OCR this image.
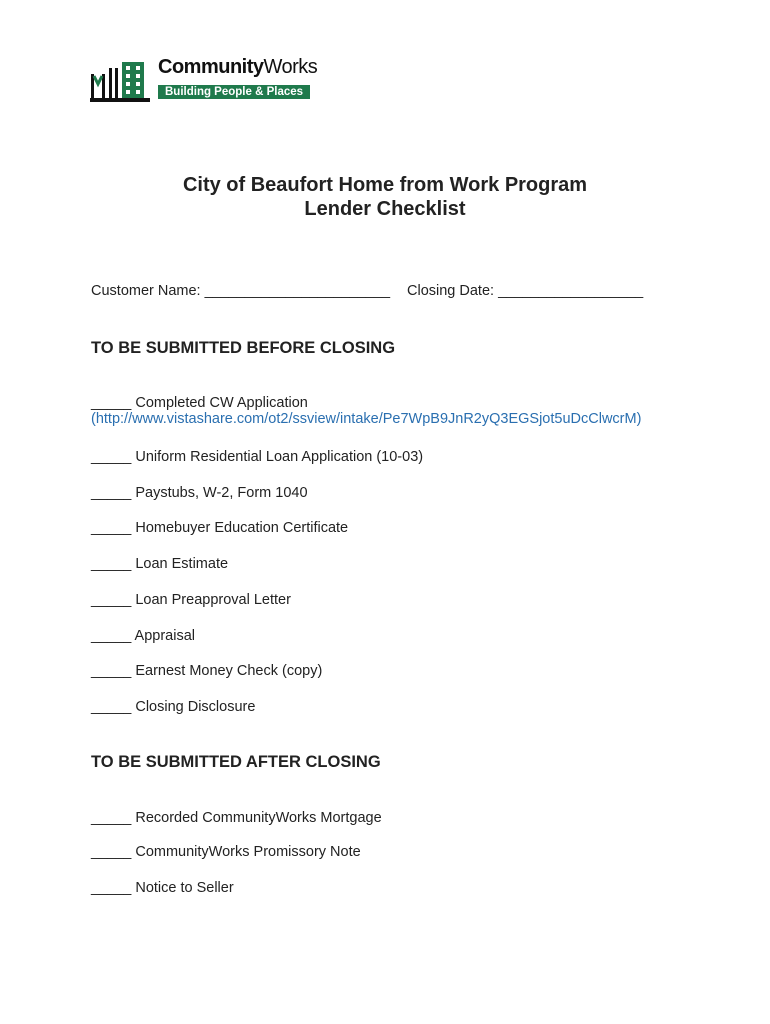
CommunityWorks
Building People & Places
City of Beaufort Home from Work Program
Lender Checklist
Customer Name: _______________________ Closing Date: __________________
TO BE SUBMITTED BEFORE CLOSING
_____ Completed CW Application
(http://www.vistashare.com/ot2/ssview/intake/Pe7WpB9JnR2yQ3EGSjot5uDcClwcrM)
_____ Uniform Residential Loan Application (10-03)
_____ Paystubs, W-2, Form 1040
_____ Homebuyer Education Certificate
_____ Loan Estimate
_____ Loan Preapproval Letter
_____ Appraisal
_____ Earnest Money Check (copy)
_____ Closing Disclosure
TO BE SUBMITTED AFTER CLOSING
_____ Recorded CommunityWorks Mortgage
_____ CommunityWorks Promissory Note
_____ Notice to Seller
